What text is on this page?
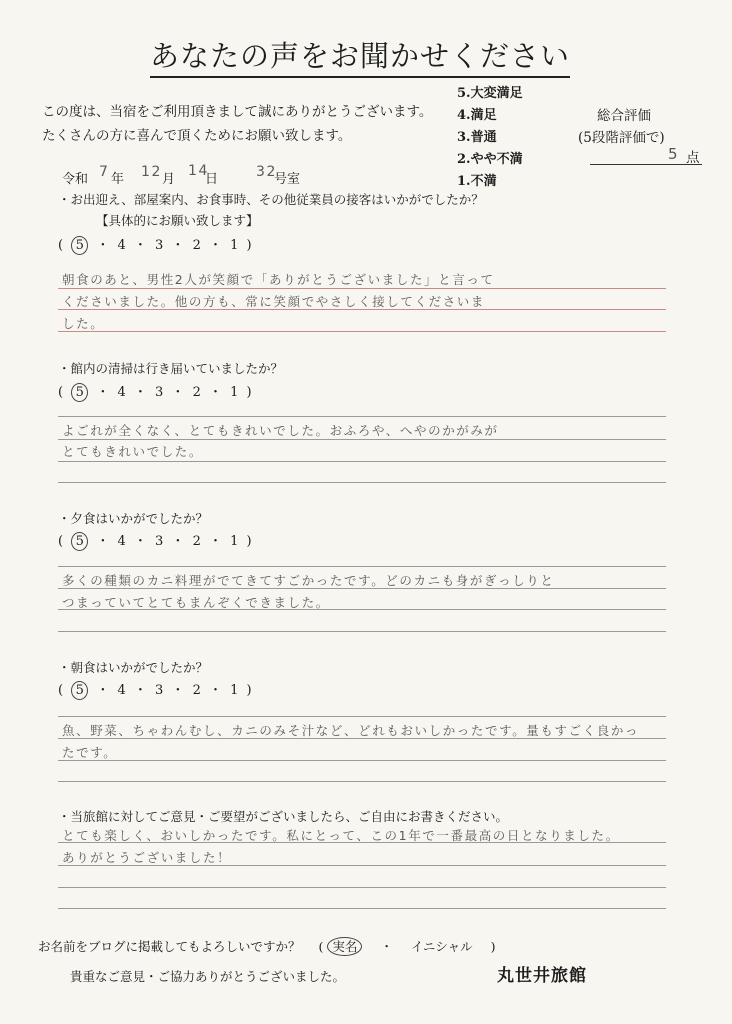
あなたの声をお聞かせください
この度は、当宿をご利用頂きまして誠にありがとうございます。
たくさんの方に喜んで頂くためにお願い致します。
5.大変満足
4.満足
3.普通
2.やや不満
1.不満
総合評価
(5段階評価で)
5 点
令和 7 年 12 月
14
日	32
号室
・お出迎え、部屋案内、お食事時、その他従業員の接客はいかがでしたか？
【具体的にお願い致します】
( 5 ・ 4 ・ 3 ・ 2 ・ 1 )
朝食のあと、男性2人が笑顔で「ありがとうございました」と言って
くださいました。他の方も、常に笑顔でやさしく接してくださいま
した。
・館内の清掃は行き届いていましたか？
( 5 ・ 4 ・ 3 ・ 2 ・ 1 )
よごれが全くなく、とてもきれいでした。おふろや、へやのかがみが
とてもきれいでした。
・夕食はいかがでしたか？
( 5 ・ 4 ・ 3 ・ 2 ・ 1 )
多くの種類のカニ料理がでてきてすごかったです。どのカニも身がぎっしりと
つまっていてとてもまんぞくできました。
・朝食はいかがでしたか？
( 5 ・ 4 ・ 3 ・ 2 ・ 1 )
魚、野菜、ちゃわんむし、カニのみそ汁など、どれもおいしかったです。量もすごく良かっ
たです。
・当旅館に対してご意見・ご要望がございましたら、ご自由にお書きください。
とても楽しく、おいしかったです。私にとって、この1年で一番最高の日となりました。
ありがとうございました！
お名前をブログに掲載してもよろしいですか？ ( 実名 ・ イニシャル )
貴重なご意見・ご協力ありがとうございました。	丸世井旅館
